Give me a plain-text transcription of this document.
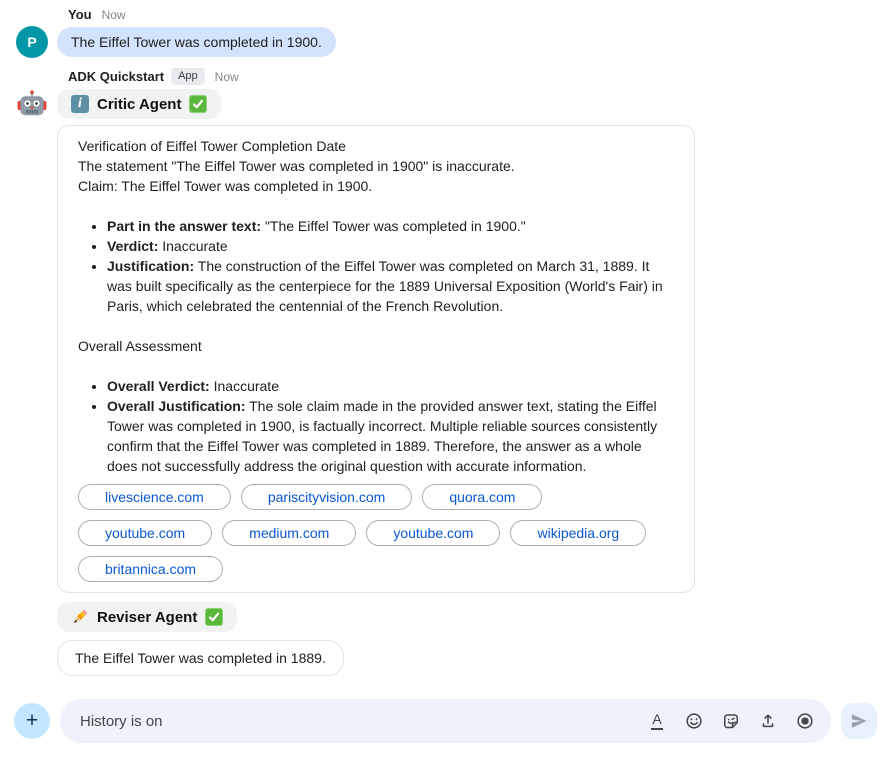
You Now
P	The Eiffel Tower was completed in 1900.
ADK Quickstart	App	Now
i	Critic Agent
Verification of Eiffel Tower Completion Date
The statement "The Eiffel Tower was completed in 1900" is inaccurate.
Claim: The Eiffel Tower was completed in 1900.
• Part in the answer text: "The Eiffel Tower was completed in 1900."
• Verdict: Inaccurate
• Justification: The construction of the Eiffel Tower was completed on March 31, 1889. It was built specifically as the centerpiece for the 1889 Universal Exposition (World's Fair) in Paris, which celebrated the centennial of the French Revolution.
Overall Assessment
• Overall Verdict: Inaccurate
• Overall Justification: The sole claim made in the provided answer text, stating the Eiffel Tower was completed in 1900, is factually incorrect. Multiple reliable sources consistently confirm that the Eiffel Tower was completed in 1889. Therefore, the answer as a whole does not successfully address the original question with accurate information.
livescience.com	pariscityvision.com	quora.com
youtube.com	medium.com	youtube.com	wikipedia.org
britannica.com
Reviser Agent
The Eiffel Tower was completed in 1889.
+
History is on	A
